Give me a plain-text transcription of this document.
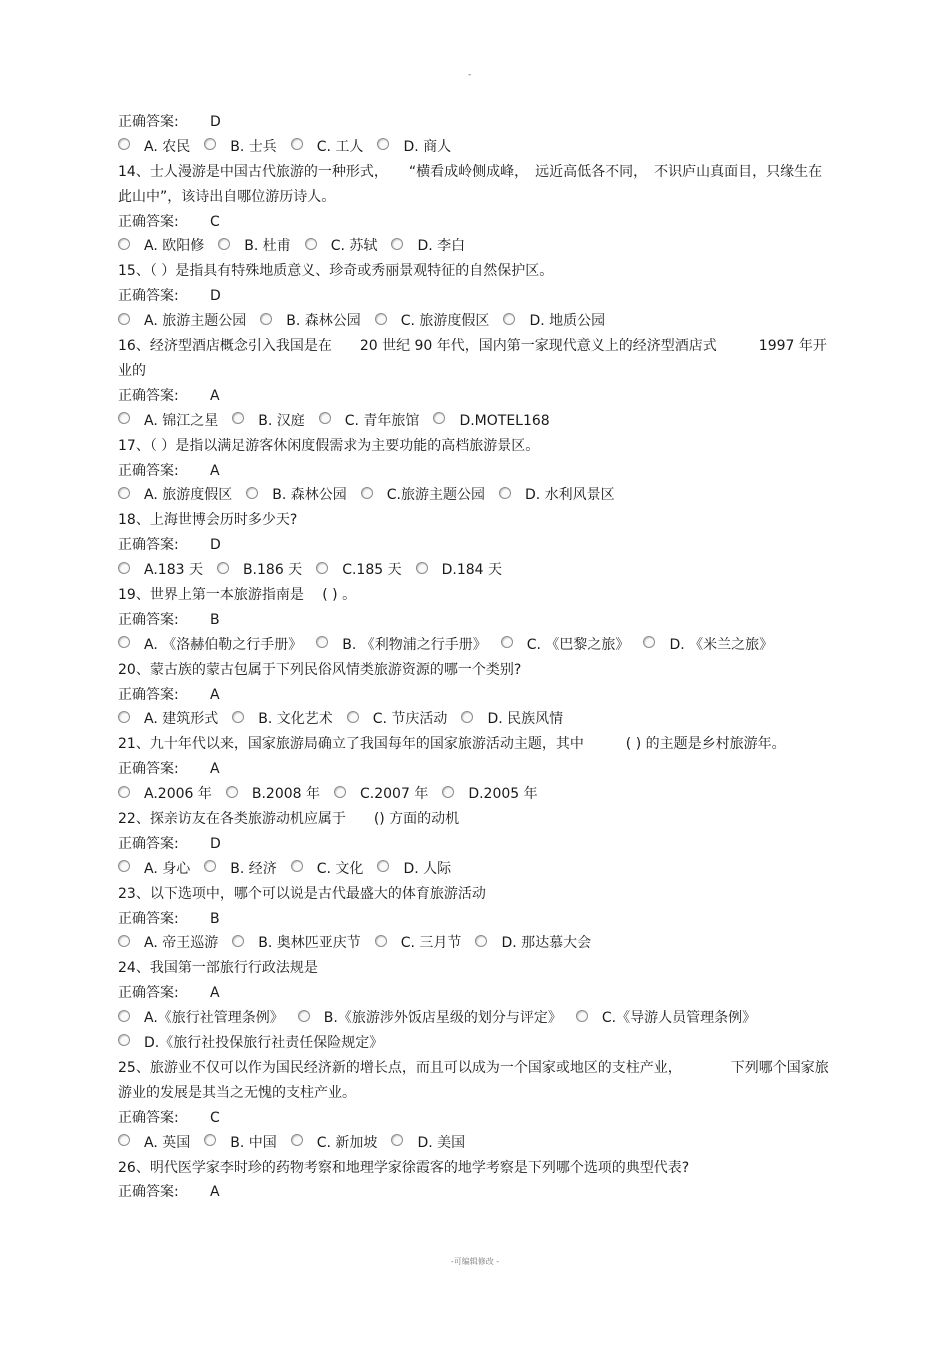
-
正确答案: D
A. 农民	B. 士兵	C. 工人	D. 商人
14、士人漫游是中国古代旅游的一种形式，　　“横看成岭侧成峰，　远近高低各不同，　不识庐山真面目，只缘生在此山中”，该诗出自哪位游历诗人。
正确答案: C
A. 欧阳修	B. 杜甫	C. 苏轼	D. 李白
15、（ ）是指具有特殊地质意义、珍奇或秀丽景观特征的自然保护区。
正确答案: D
A. 旅游主题公园	B. 森林公园	C. 旅游度假区	D. 地质公园
16、经济型酒店概念引入我国是在　　20 世纪 90 年代，国内第一家现代意义上的经济型酒店式　　　1997 年开业的
正确答案: A
A. 锦江之星	B. 汉庭	C. 青年旅馆	D.MOTEL168
17、（ ）是指以满足游客休闲度假需求为主要功能的高档旅游景区。
正确答案: A
A. 旅游度假区	B. 森林公园	C.旅游主题公园	D. 水利风景区
18、上海世博会历时多少天?
正确答案: D
A.183 天	B.186 天	C.185 天	D.184 天
19、世界上第一本旅游指南是　 ( ) 。
正确答案: B
A. 《洛赫伯勒之行手册》	B. 《利物浦之行手册》	C. 《巴黎之旅》	D. 《米兰之旅》
20、蒙古族的蒙古包属于下列民俗风情类旅游资源的哪一个类别?
正确答案: A
A. 建筑形式	B. 文化艺术	C. 节庆活动	D. 民族风情
21、九十年代以来，国家旅游局确立了我国每年的国家旅游活动主题，其中　　　( ) 的主题是乡村旅游年。
正确答案: A
A.2006 年	B.2008 年	C.2007 年	D.2005 年
22、探亲访友在各类旅游动机应属于　　() 方面的动机
正确答案: D
A. 身心	B. 经济	C. 文化	D. 人际
23、以下选项中，哪个可以说是古代最盛大的体育旅游活动
正确答案: B
A. 帝王巡游	B. 奥林匹亚庆节	C. 三月节	D. 那达慕大会
24、我国第一部旅行行政法规是
正确答案: A
A.《旅行社管理条例》	B.《旅游涉外饭店星级的划分与评定》	C.《导游人员管理条例》
D.《旅行社投保旅行社责任保险规定》
25、旅游业不仅可以作为国民经济新的增长点，而且可以成为一个国家或地区的支柱产业，　　　　下列哪个国家旅游业的发展是其当之无愧的支柱产业。
正确答案: C
A. 英国	B. 中国	C. 新加坡	D. 美国
26、明代医学家李时珍的药物考察和地理学家徐霞客的地学考察是下列哪个选项的典型代表?
正确答案: A
-可编辑修改 -
